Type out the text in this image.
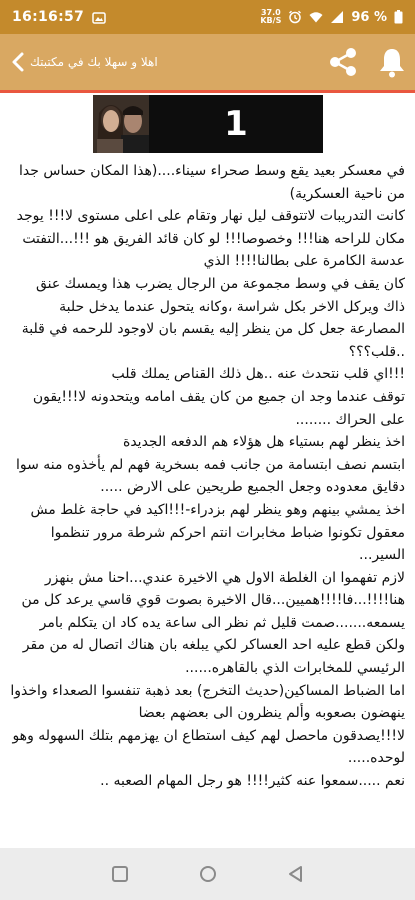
16:16:57	37.0
KB/S	96 %
اهلا و سهلا بك في مكتبتك
1

في معسكر بعيد يقع وسط صحراء سيناء....(هذا المكان حساس جدا من ناحية العسكرية)

كانت التدريبات لاتتوقف ليل نهار وتقام على اعلى مستوى لا!!! يوجد مكان للراحه هنا!!! وخصوصا!!! لو كان قائد الفريق هو !!!...التفتت عدسة الكامرة على بطالنا!!!! الذي

كان يقف في وسط مجموعة من الرجال يضرب هذا ويمسك عنق ذاك ويركل الاخر بكل شراسة ،وكانه يتحول عندما يدخل حلبة المصارعة جعل كل من ينظر إليه يقسم بان لاوجود للرحمه في قلبة ..قلب؟؟؟

!!!اي قلب نتحدث عنه ..هل ذلك القناص يملك قلب

توقف عندما وجد ان جميع من كان يقف امامه ويتحدونه لا!!!يقون على الحراك ........

اخذ ينظر لهم بستياء هل هؤلاء هم الدفعه الجديدة

ابتسم نصف ابتسامة من جانب فمه بسخرية فهم لم يأخذوه منه سوا دقايق معدوده وجعل الجميع طريحين على الارض .....

اخذ يمشي بينهم وهو ينظر لهم بزدراء-!!!اكيد في حاجة غلط مش معقول تكونوا ضباط مخابرات انتم احركم شرطة مرور تنظموا السير...

لازم تفهموا ان الغلطة الاول هي الاخيرة عندي...احنا مش بنهزر هنا!!!!...فا!!!!هميين...قال الاخيرة بصوت قوي قاسي يرعد كل من يسمعه.......صمت قليل ثم نظر الى ساعة يده كاد ان يتكلم بامر ولكن قطع عليه احد العساكر لكي يبلغه بان هناك اتصال له من مقر الرئيسي للمخابرات الذي بالقاهره......

اما الضباط المساكين(حديث التخرج) بعد ذهبة تنفسوا الصعداء واخذوا ينهضون بصعوبه وألم ينظرون الى بعضهم بعضا

لا!!!يصدقون ماحصل لهم كيف استطاع ان يهزمهم بتلك السهوله وهو لوحده.....

نعم .....سمعوا عنه كثير!!!! هو رجل المهام الصعبه ..
